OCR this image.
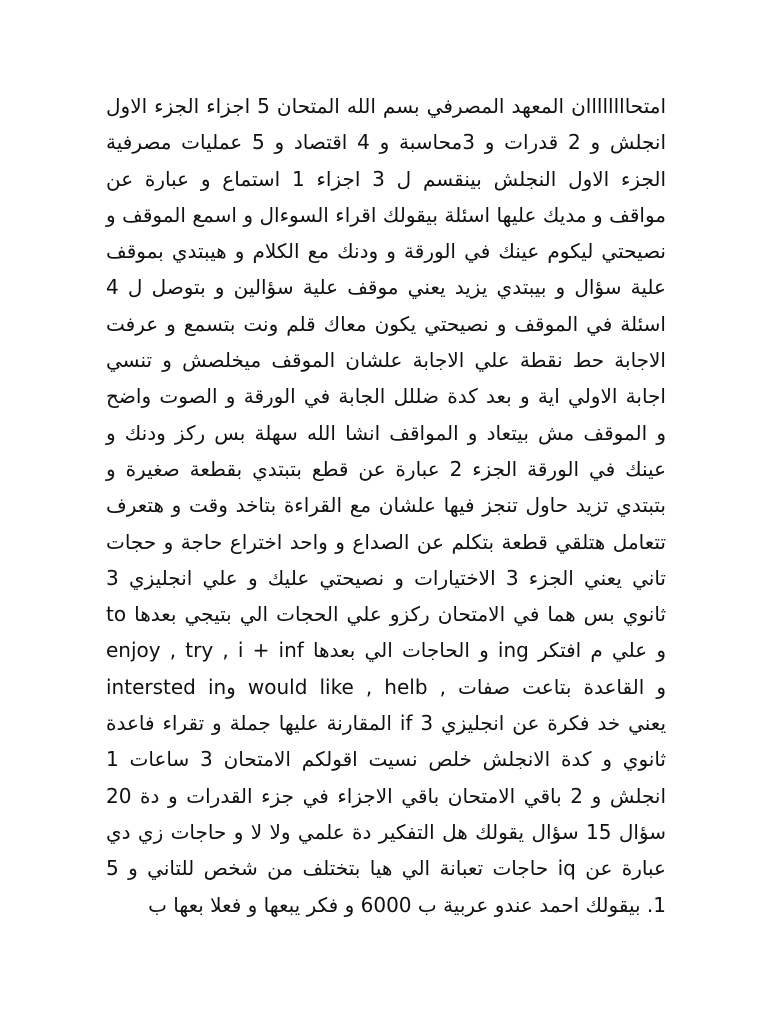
امتحاااااااان المعهد المصرفي بسم الله المتحان 5 اجزاء الجزء الاول
انجلش و 2 قدرات و 3محاسبة و 4 اقتصاد و 5 عمليات مصرفية
الجزء الاول النجلش بينقسم ل 3 اجزاء 1 استماع و عبارة عن
مواقف و مديك عليها اسئلة بيقولك اقراء السوءال و اسمع الموقف و
نصيحتي ليكوم عينك في الورقة و ودنك مع الكلام و هيبتدي بموقف
علية سؤال و بيبتدي يزيد يعني موقف علية سؤالين و بتوصل ل 4
اسئلة في الموقف و نصيحتي يكون معاك قلم ونت بتسمع و عرفت
الاجابة حط نقطة علي الاجابة علشان الموقف ميخلصش و تنسي
اجابة الاولي اية و بعد كدة ضللل الجابة في الورقة و الصوت واضح
و الموقف مش بيتعاد و المواقف انشا الله سهلة بس ركز ودنك و
عينك في الورقة الجزء 2 عبارة عن قطع بتبتدي بقطعة صغيرة و
بتبتدي تزيد حاول تنجز فيها علشان مع القراءة بتاخد وقت و هتعرف
تتعامل هتلقي قطعة بتكلم عن الصداع و واحد اختراع حاجة و حجات
تاني يعني الجزء 3 الاختيارات و نصيحتي عليك و علي انجليزي 3
ثانوي بس هما في الامتحان ركزو علي الحجات الي بتيجي بعدها to
و علي م افتكر ing و الحاجات الي بعدها enjoy , try , i + inf
و القاعدة بتاعت صفات , would like , helb وintersted in
يعني خد فكرة عن انجليزي if 3 المقارنة عليها جملة و تقراء فاعدة
ثانوي و كدة الانجلش خلص نسيت اقولكم الامتحان 3 ساعات 1
انجلش و 2 باقي الامتحان باقي الاجزاء في جزء القدرات و دة 20
سؤال 15 سؤال يقولك هل التفكير دة علمي ولا لا و حاجات زي دي
عبارة عن iq حاجات تعبانة الي هيا بتختلف من شخص للتاني و 5
1. بيقولك احمد عندو عربية ب 6000 و فكر يبعها و فعلا بعها ب
